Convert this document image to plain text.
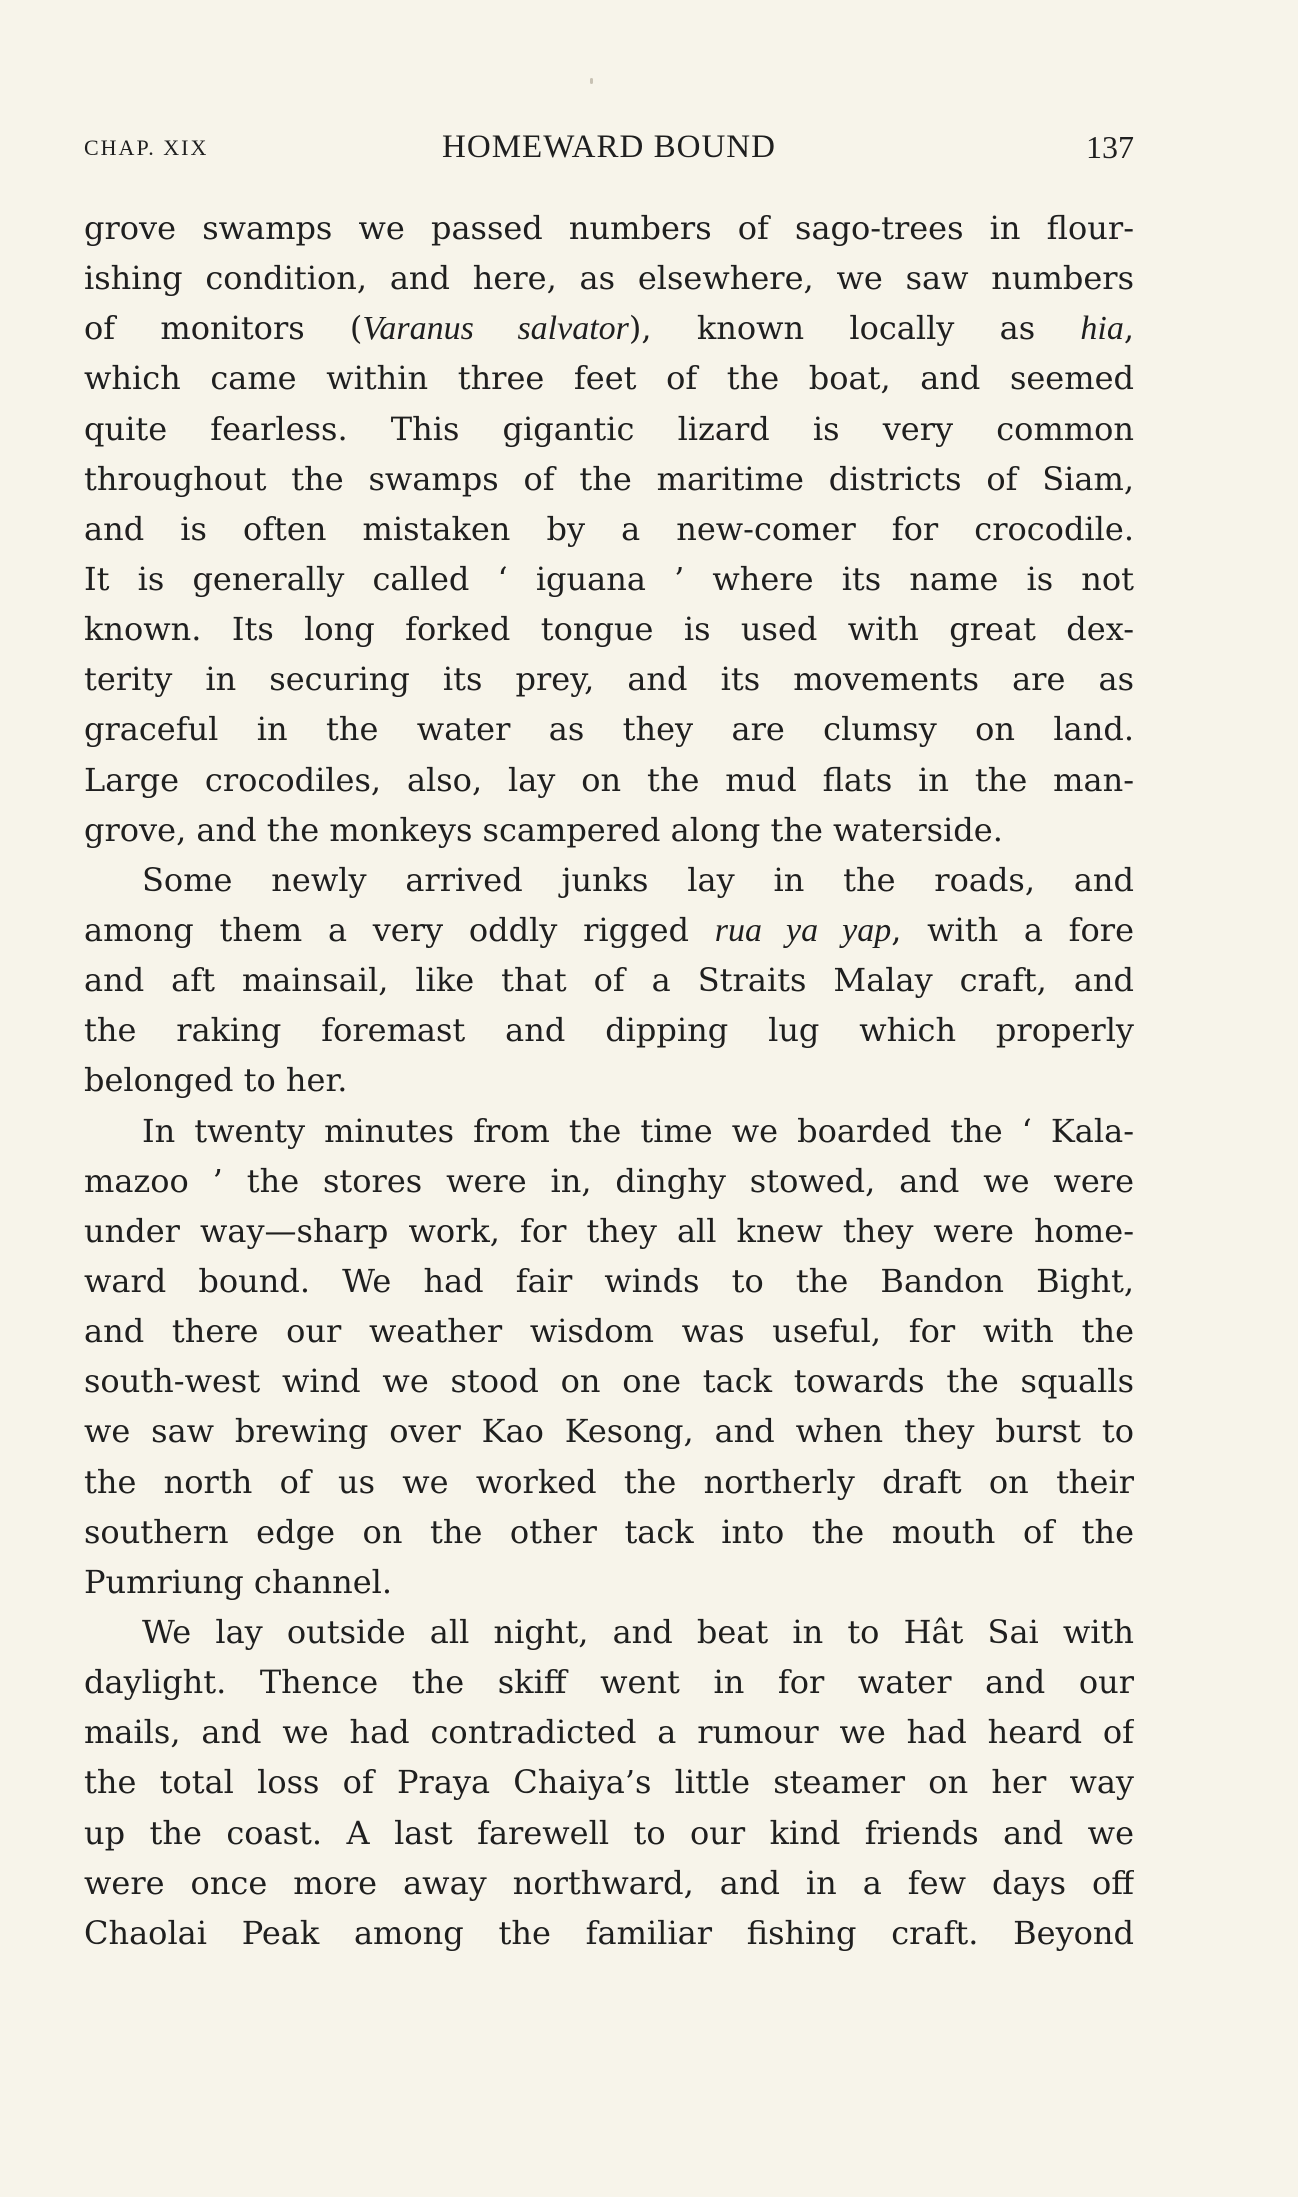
CHAP. XIX	HOMEWARD BOUND	137
grove swamps we passed numbers of sago-trees in flour-
ishing condition, and here, as elsewhere, we saw numbers
of monitors (Varanus salvator), known locally as hia,
which came within three feet of the boat, and seemed
quite fearless. This gigantic lizard is very common
throughout the swamps of the maritime districts of Siam,
and is often mistaken by a new-comer for crocodile.
It is generally called ‘ iguana ’ where its name is not
known. Its long forked tongue is used with great dex-
terity in securing its prey, and its movements are as
graceful in the water as they are clumsy on land.
Large crocodiles, also, lay on the mud flats in the man-
grove, and the monkeys scampered along the waterside.
Some newly arrived junks lay in the roads, and
among them a very oddly rigged rua ya yap, with a fore
and aft mainsail, like that of a Straits Malay craft, and
the raking foremast and dipping lug which properly
belonged to her.
In twenty minutes from the time we boarded the ‘ Kala-
mazoo ’ the stores were in, dinghy stowed, and we were
under way—sharp work, for they all knew they were home-
ward bound. We had fair winds to the Bandon Bight,
and there our weather wisdom was useful, for with the
south-west wind we stood on one tack towards the squalls
we saw brewing over Kao Kesong, and when they burst to
the north of us we worked the northerly draft on their
southern edge on the other tack into the mouth of the
Pumriung channel.
We lay outside all night, and beat in to Hât Sai with
daylight. Thence the skiff went in for water and our
mails, and we had contradicted a rumour we had heard of
the total loss of Praya Chaiya’s little steamer on her way
up the coast. A last farewell to our kind friends and we
were once more away northward, and in a few days off
Chaolai Peak among the familiar fishing craft. Beyond
